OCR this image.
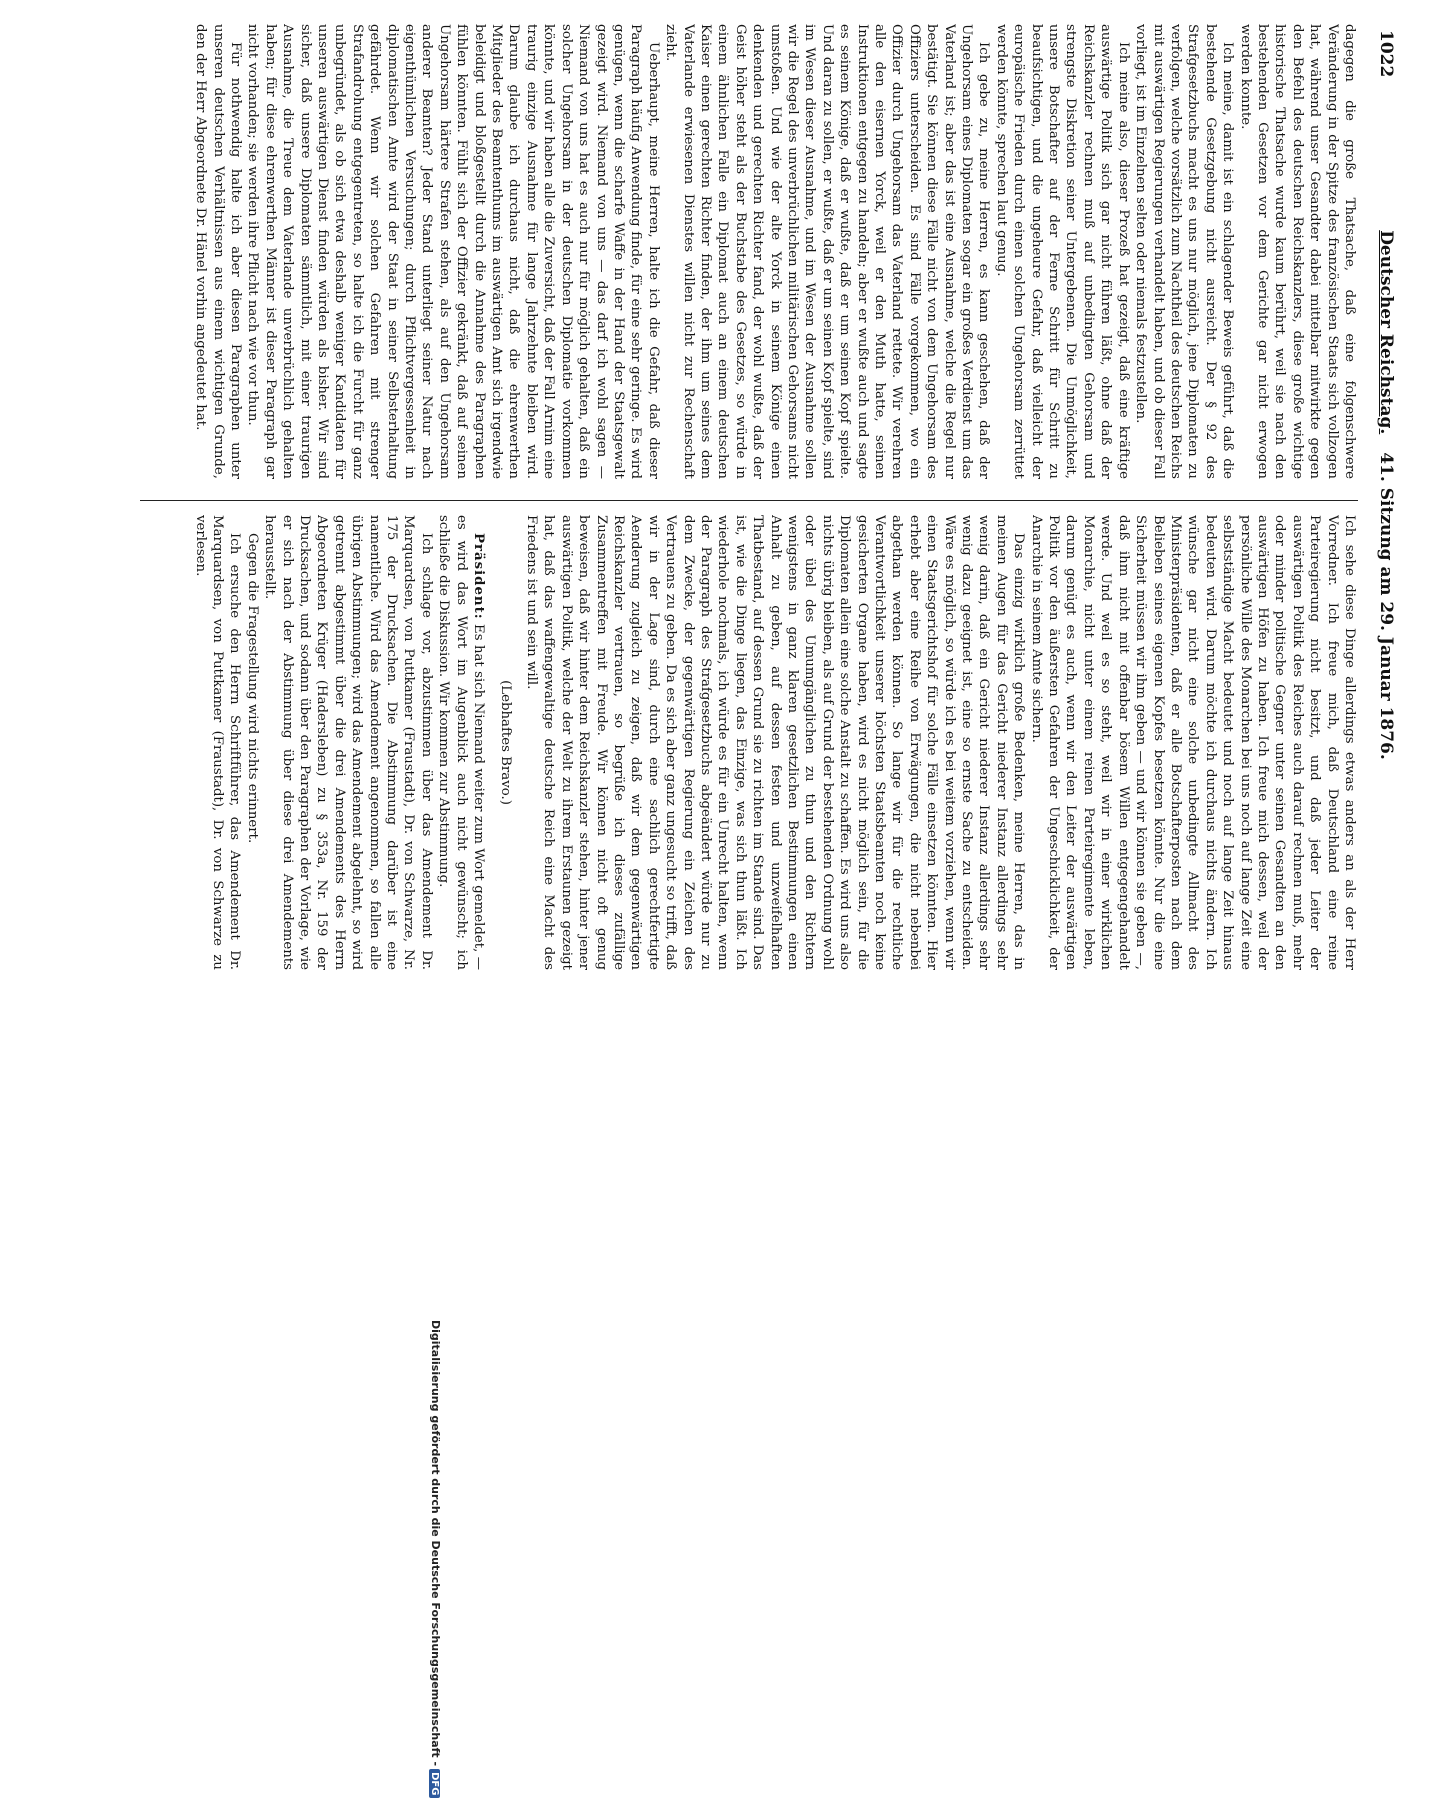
1022
Deutscher Reichstag. 41. Sitzung am 29. Januar 1876.

dagegen die große Thatsache, daß eine folgenschwere Veränderung in der Spitze des französischen Staats sich vollzogen hat, während unser Gesandter dabei mittelbar mitwirkte gegen den Befehl des deutschen Reichskanzlers, diese große wichtige historische Thatsache wurde kaum berührt, weil sie nach den bestehenden Gesetzen vor dem Gerichte gar nicht erwogen werden konnte.

Ich meine, damit ist ein schlagender Beweis geführt, daß die bestehende Gesetzgebung nicht ausreicht. Der § 92 des Strafgesetzbuchs macht es uns nur möglich, jene Diplomaten zu verfolgen, welche vorsätzlich zum Nachtheil des deutschen Reichs mit auswärtigen Regierungen verhandelt haben, und ob dieser Fall vorliegt, ist im Einzelnen selten oder niemals festzustellen.

Ich meine also, dieser Prozeß hat gezeigt, daß eine kräftige auswärtige Politik sich gar nicht führen läßt, ohne daß der Reichskanzler rechnen muß auf unbedingten Gehorsam und strengste Diskretion seiner Untergebenen. Die Unmöglichkeit, unsere Botschafter auf der Ferne Schritt für Schritt zu beaufsichtigen, und die ungeheure Gefahr, daß vielleicht der europäische Frieden durch einen solchen Ungehorsam zerrüttet werden könnte, sprechen laut genug.

Ich gebe zu, meine Herren, es kann geschehen, daß der Ungehorsam eines Diplomaten sogar ein großes Verdienst um das Vaterland ist; aber das ist eine Ausnahme, welche die Regel nur bestätigt. Sie können diese Fälle nicht von dem Ungehorsam des Offiziers unterscheiden. Es sind Fälle vorgekommen, wo ein Offizier durch Ungehorsam das Vaterland rettete. Wir verehren alle den eisernen Yorck, weil er den Muth hatte, seinen Instruktionen entgegen zu handeln; aber er wußte auch und sagte es seinem Könige, daß er wußte, daß er um seinen Kopf spielte. Und daran zu sollen, er wußte, daß er um seinen Kopf spielte, sind im Wesen dieser Ausnahme, und im Wesen der Ausnahme sollen wir die Regel des unverbrüchlichen militärischen Gehorsams nicht umstoßen. Und wie der alte Yorck in seinem Könige einen denkenden und gerechten Richter fand, der wohl wußte, daß der Geist höher steht als der Buchstabe des Gesetzes, so würde in einem ähnlichen Falle ein Diplomat auch an einem deutschen Kaiser einen gerechten Richter finden, der ihm um seines dem Vaterlande erwiesenen Dienstes willen nicht zur Rechenschaft zieht.

Ueberhaupt, meine Herren, halte ich die Gefahr, daß dieser Paragraph häufig Anwendung finde, für eine sehr geringe. Es wird genügen, wenn die scharfe Waffe in der Hand der Staatsgewalt gezeigt wird. Niemand von uns — das darf ich wohl sagen — Niemand von uns hat es auch nur für möglich gehalten, daß ein solcher Ungehorsam in der deutschen Diplomatie vorkommen könnte, und wir haben alle die Zuversicht, daß der Fall Arnim eine traurig einzige Ausnahme für lange Jahrzehnte bleiben wird. Darum glaube ich durchaus nicht, daß die ehrenwerthen Mitglieder des Beamtenthums im auswärtigen Amt sich irgendwie beleidigt und bloßgestellt durch die Annahme des Paragraphen fühlen könnten. Fühlt sich der Offizier gekränkt, daß auf seinen Ungehorsam härtere Strafen stehen, als auf den Ungehorsam anderer Beamten? Jeder Stand unterliegt seiner Natur nach eigenthümlichen Versuchungen; durch Pflichtvergessenheit in diplomatischen Amte wird der Staat in seiner Selbsterhaltung gefährdet. Wenn wir solchen Gefahren mit strenger Strafandrohung entgegentreten, so halte ich die Furcht für ganz unbegründet, als ob sich etwa deshalb weniger Kandidaten für unseren auswärtigen Dienst finden würden als bisher. Wir sind sicher, daß unsere Diplomaten sämmtlich, mit einer traurigen Ausnahme, die Treue dem Vaterlande unverbrüchlich gehalten haben; für diese ehrenwerthen Männer ist dieser Paragraph gar nicht vorhanden; sie werden ihre Pflicht nach wie vor thun.

Für nothwendig halte ich aber diesen Paragraphen unter unseren deutschen Verhältnissen aus einem wichtigen Grunde, den der Herr Abgeordnete Dr. Hänel vorhin angedeutet hat.

Ich sehe diese Dinge allerdings etwas anders an als der Herr Vorredner. Ich freue mich, daß Deutschland eine reine Parteiregierung nicht besitzt, und daß jeder Leiter der auswärtigen Politik des Reiches auch darauf rechnen muß, mehr oder minder politische Gegner unter seinen Gesandten an den auswärtigen Höfen zu haben. Ich freue mich dessen, weil der persönliche Wille des Monarchen bei uns noch auf lange Zeit eine selbstständige Macht bedeutet und noch auf lange Zeit hinaus bedeuten wird. Darum möchte ich durchaus nichts ändern. Ich wünsche gar nicht eine solche unbedingte Allmacht des Ministerpräsidenten, daß er alle Botschafterposten nach dem Belieben seines eigenen Kopfes besetzen könnte. Nur die eine Sicherheit müssen wir ihm geben — und wir können sie geben —, daß ihm nicht mit offenbar bösem Willen entgegengehandelt werde. Und weil es so steht, weil wir in einer wirklichen Monarchie, nicht unter einem reinen Parteiregimente leben, darum genügt es auch, wenn wir den Leiter der auswärtigen Politik vor den äußersten Gefahren der Ungeschicklichkeit, der Anarchie in seinem Amte sichern.

Das einzig wirklich große Bedenken, meine Herren, das in meinen Augen für das Gericht niederer Instanz allerdings sehr wenig darin, daß ein Gericht niederer Instanz allerdings sehr wenig dazu geeignet ist, eine so ernste Sache zu entscheiden. Wäre es möglich, so würde ich es bei weitem vorziehen, wenn wir einen Staatsgerichtshof für solche Fälle einsetzen könnten. Hier erhebt aber eine Reihe von Erwägungen, die nicht nebenbei abgethan werden können. So lange wir für die rechtliche Verantwortlichkeit unserer höchsten Staatsbeamten noch keine gesicherten Organe haben, wird es nicht möglich sein, für die Diplomaten allein eine solche Anstalt zu schaffen. Es wird uns also nichts übrig bleiben, als auf Grund der bestehenden Ordnung wohl oder übel des Umumgänglichen zu thun und den Richtern wenigstens in ganz klaren gesetzlichen Bestimmungen einen Anhalt zu geben, auf dessen festen und unzweifelhaften Thatbestand, auf dessen Grund sie zu richten im Stande sind. Das ist, wie die Dinge liegen, das Einzige, was sich thun läßt. Ich wiederhole nochmals, ich würde es für ein Unrecht halten, wenn der Paragraph des Strafgesetzbuchs abgeändert würde nur zu dem Zwecke, der gegenwärtigen Regierung ein Zeichen des Vertrauens zu geben. Da es sich aber ganz ungesucht so trifft, daß wir in der Lage sind, durch eine sachlich gerechtfertigte Aenderung zugleich zu zeigen, daß wir dem gegenwärtigen Reichskanzler vertrauen, so begrüße ich dieses zufällige Zusammentreffen mit Freude. Wir können nicht oft genug beweisen, daß wir hinter dem Reichskanzler stehen, hinter jener auswärtigen Politik, welche der Welt zu ihrem Erstaunen gezeigt hat, daß das waffengewaltige deutsche Reich eine Macht des Friedens ist und sein will.

(Lebhaftes Bravo.)

Präsident: Es hat sich Niemand weiter zum Wort gemeldet, — es wird das Wort im Augenblick auch nicht gewünscht; ich schließe die Diskussion. Wir kommen zur Abstimmung.

Ich schlage vor, abzustimmen über das Amendement Dr. Marquardsen, von Puttkamer (Fraustadt), Dr. von Schwarze, Nr. 175 der Drucksachen. Die Abstimmung darüber ist eine namentliche. Wird das Amendement angenommen, so fallen alle übrigen Abstimmungen; wird das Amendement abgelehnt, so wird getrennt abgestimmt über die drei Amendements des Herrn Abgeordneten Krüger (Hadersleben) zu § 353a, Nr. 159 der Drucksachen, und sodann über den Paragraphen der Vorlage, wie er sich nach der Abstimmung über diese drei Amendements herausstellt.

Gegen die Fragestellung wird nichts erinnert.

Ich ersuche den Herrn Schriftführer, das Amendement Dr. Marquardsen, von Puttkamer (Fraustadt), Dr. von Schwarze zu verlesen.

Digitalisierung gefördert durch die Deutsche Forschungsgemeinschaft -DFG
